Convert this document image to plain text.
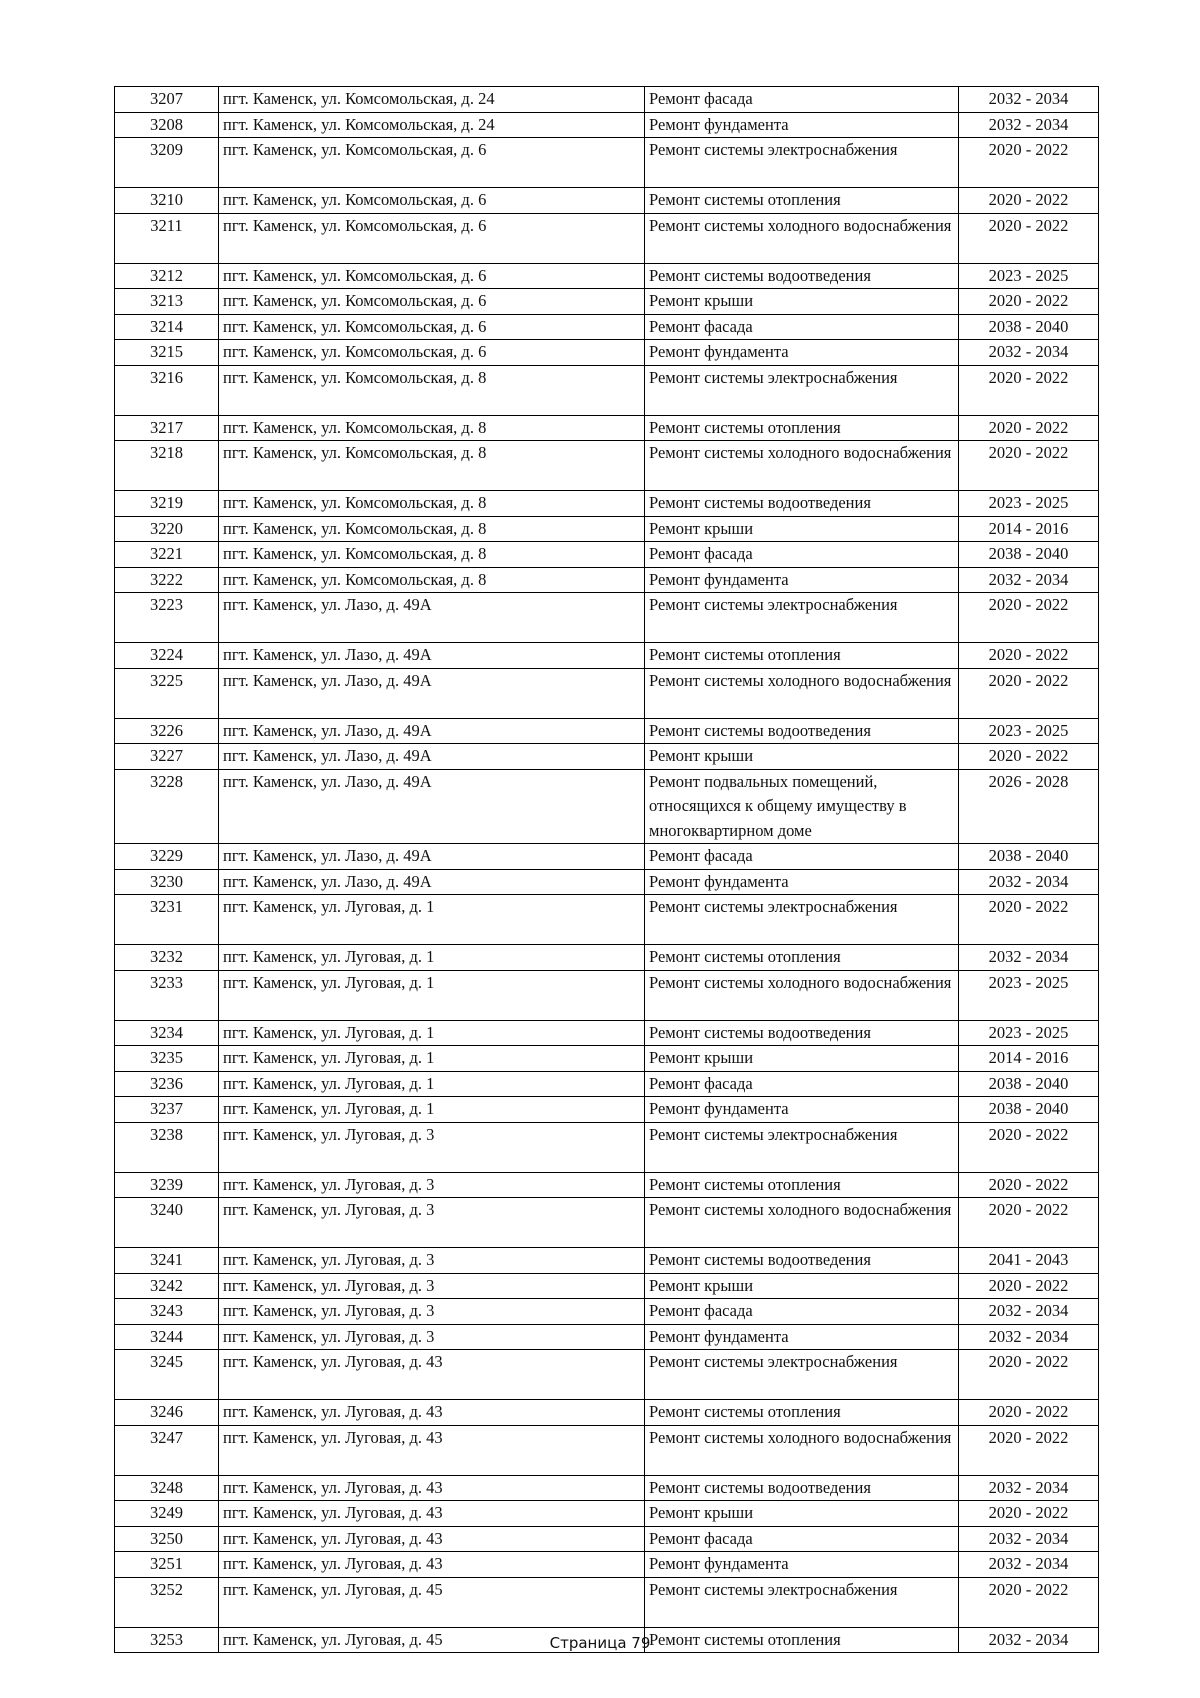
3207	пгт. Каменск, ул. Комсомольская, д. 24	Ремонт фасада	2032 - 2034
3208	пгт. Каменск, ул. Комсомольская, д. 24	Ремонт фундамента	2032 - 2034
3209	пгт. Каменск, ул. Комсомольская, д. 6	Ремонт системы электроснабжения	2020 - 2022
3210	пгт. Каменск, ул. Комсомольская, д. 6	Ремонт системы отопления	2020 - 2022
3211	пгт. Каменск, ул. Комсомольская, д. 6	Ремонт системы холодного водоснабжения	2020 - 2022
3212	пгт. Каменск, ул. Комсомольская, д. 6	Ремонт системы водоотведения	2023 - 2025
3213	пгт. Каменск, ул. Комсомольская, д. 6	Ремонт крыши	2020 - 2022
3214	пгт. Каменск, ул. Комсомольская, д. 6	Ремонт фасада	2038 - 2040
3215	пгт. Каменск, ул. Комсомольская, д. 6	Ремонт фундамента	2032 - 2034
3216	пгт. Каменск, ул. Комсомольская, д. 8	Ремонт системы электроснабжения	2020 - 2022
3217	пгт. Каменск, ул. Комсомольская, д. 8	Ремонт системы отопления	2020 - 2022
3218	пгт. Каменск, ул. Комсомольская, д. 8	Ремонт системы холодного водоснабжения	2020 - 2022
3219	пгт. Каменск, ул. Комсомольская, д. 8	Ремонт системы водоотведения	2023 - 2025
3220	пгт. Каменск, ул. Комсомольская, д. 8	Ремонт крыши	2014 - 2016
3221	пгт. Каменск, ул. Комсомольская, д. 8	Ремонт фасада	2038 - 2040
3222	пгт. Каменск, ул. Комсомольская, д. 8	Ремонт фундамента	2032 - 2034
3223	пгт. Каменск, ул. Лазо, д. 49А	Ремонт системы электроснабжения	2020 - 2022
3224	пгт. Каменск, ул. Лазо, д. 49А	Ремонт системы отопления	2020 - 2022
3225	пгт. Каменск, ул. Лазо, д. 49А	Ремонт системы холодного водоснабжения	2020 - 2022
3226	пгт. Каменск, ул. Лазо, д. 49А	Ремонт системы водоотведения	2023 - 2025
3227	пгт. Каменск, ул. Лазо, д. 49А	Ремонт крыши	2020 - 2022
3228	пгт. Каменск, ул. Лазо, д. 49А	Ремонт подвальных помещений, относящихся к общему имуществу в многоквартирном доме	2026 - 2028
3229	пгт. Каменск, ул. Лазо, д. 49А	Ремонт фасада	2038 - 2040
3230	пгт. Каменск, ул. Лазо, д. 49А	Ремонт фундамента	2032 - 2034
3231	пгт. Каменск, ул. Луговая, д. 1	Ремонт системы электроснабжения	2020 - 2022
3232	пгт. Каменск, ул. Луговая, д. 1	Ремонт системы отопления	2032 - 2034
3233	пгт. Каменск, ул. Луговая, д. 1	Ремонт системы холодного водоснабжения	2023 - 2025
3234	пгт. Каменск, ул. Луговая, д. 1	Ремонт системы водоотведения	2023 - 2025
3235	пгт. Каменск, ул. Луговая, д. 1	Ремонт крыши	2014 - 2016
3236	пгт. Каменск, ул. Луговая, д. 1	Ремонт фасада	2038 - 2040
3237	пгт. Каменск, ул. Луговая, д. 1	Ремонт фундамента	2038 - 2040
3238	пгт. Каменск, ул. Луговая, д. 3	Ремонт системы электроснабжения	2020 - 2022
3239	пгт. Каменск, ул. Луговая, д. 3	Ремонт системы отопления	2020 - 2022
3240	пгт. Каменск, ул. Луговая, д. 3	Ремонт системы холодного водоснабжения	2020 - 2022
3241	пгт. Каменск, ул. Луговая, д. 3	Ремонт системы водоотведения	2041 - 2043
3242	пгт. Каменск, ул. Луговая, д. 3	Ремонт крыши	2020 - 2022
3243	пгт. Каменск, ул. Луговая, д. 3	Ремонт фасада	2032 - 2034
3244	пгт. Каменск, ул. Луговая, д. 3	Ремонт фундамента	2032 - 2034
3245	пгт. Каменск, ул. Луговая, д. 43	Ремонт системы электроснабжения	2020 - 2022
3246	пгт. Каменск, ул. Луговая, д. 43	Ремонт системы отопления	2020 - 2022
3247	пгт. Каменск, ул. Луговая, д. 43	Ремонт системы холодного водоснабжения	2020 - 2022
3248	пгт. Каменск, ул. Луговая, д. 43	Ремонт системы водоотведения	2032 - 2034
3249	пгт. Каменск, ул. Луговая, д. 43	Ремонт крыши	2020 - 2022
3250	пгт. Каменск, ул. Луговая, д. 43	Ремонт фасада	2032 - 2034
3251	пгт. Каменск, ул. Луговая, д. 43	Ремонт фундамента	2032 - 2034
3252	пгт. Каменск, ул. Луговая, д. 45	Ремонт системы электроснабжения	2020 - 2022
3253	пгт. Каменск, ул. Луговая, д. 45	Ремонт системы отопления	2032 - 2034
Страница 79
